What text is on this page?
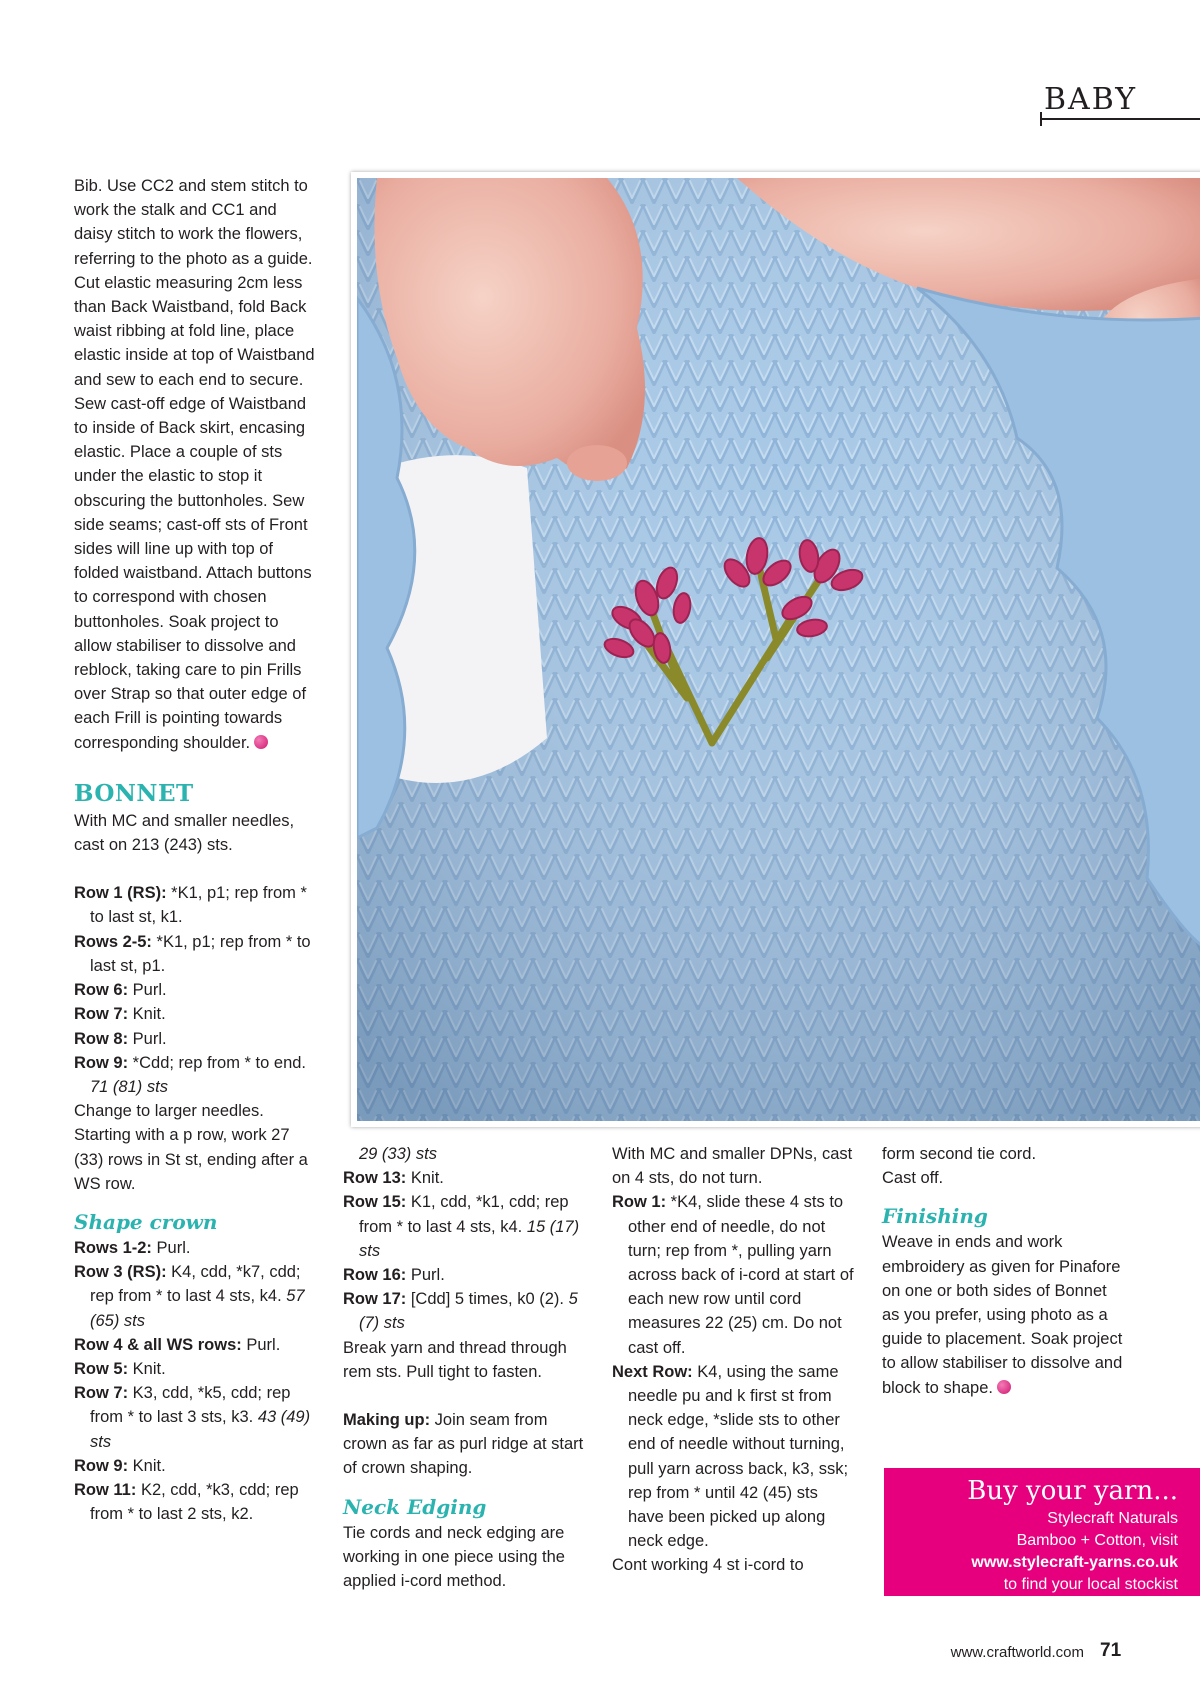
BABY

Bib. Use CC2 and stem stitch to work the stalk and CC1 and daisy stitch to work the flowers, referring to the photo as a guide.

Cut elastic measuring 2cm less than Back Waistband, fold Back waist ribbing at fold line, place elastic inside at top of Waistband and sew to each end to secure. Sew cast-off edge of Waistband to inside of Back skirt, encasing elastic. Place a couple of sts under the elastic to stop it obscuring the buttonholes. Sew side seams; cast-off sts of Front sides will line up with top of folded waistband. Attach buttons to correspond with chosen buttonholes. Soak project to allow stabiliser to dissolve and reblock, taking care to pin Frills over Strap so that outer edge of each Frill is pointing towards corresponding shoulder.

BONNET

With MC and smaller needles, cast on 213 (243) sts.

Row 1 (RS): *K1, p1; rep from * to last st, k1.

Rows 2-5: *K1, p1; rep from * to last st, p1.

Row 6: Purl.

Row 7: Knit.

Row 8: Purl.

Row 9: *Cdd; rep from * to end. 71 (81) sts

Change to larger needles. Starting with a p row, work 27 (33) rows in St st, ending after a WS row.

Shape crown

Rows 1-2: Purl.

Row 3 (RS): K4, cdd, *k7, cdd; rep from * to last 4 sts, k4. 57 (65) sts

Row 4 & all WS rows: Purl.

Row 5: Knit.

Row 7: K3, cdd, *k5, cdd; rep from * to last 3 sts, k3. 43 (49) sts

Row 9: Knit.

Row 11: K2, cdd, *k3, cdd; rep from * to last 2 sts, k2.

29 (33) sts

Row 13: Knit.

Row 15: K1, cdd, *k1, cdd; rep from * to last 4 sts, k4. 15 (17) sts

Row 16: Purl.

Row 17: [Cdd] 5 times, k0 (2). 5 (7) sts

Break yarn and thread through rem sts. Pull tight to fasten.

Making up: Join seam from crown as far as purl ridge at start of crown shaping.

Neck Edging

Tie cords and neck edging are working in one piece using the applied i-cord method.

With MC and smaller DPNs, cast on 4 sts, do not turn.

Row 1: *K4, slide these 4 sts to other end of needle, do not turn; rep from *, pulling yarn across back of i-cord at start of each new row until cord measures 22 (25) cm. Do not cast off.

Next Row: K4, using the same needle pu and k first st from neck edge, *slide sts to other end of needle without turning, pull yarn across back, k3, ssk; rep from * until 42 (45) sts have been picked up along neck edge.

Cont working 4 st i-cord to

form second tie cord.

Cast off.

Finishing

Weave in ends and work embroidery as given for Pinafore on one or both sides of Bonnet as you prefer, using photo as a guide to placement. Soak project to allow stabiliser to dissolve and block to shape.

Buy your yarn...
Stylecraft Naturals
Bamboo + Cotton, visit
www.stylecraft-yarns.co.uk
to find your local stockist
www.craftworld.com 71
